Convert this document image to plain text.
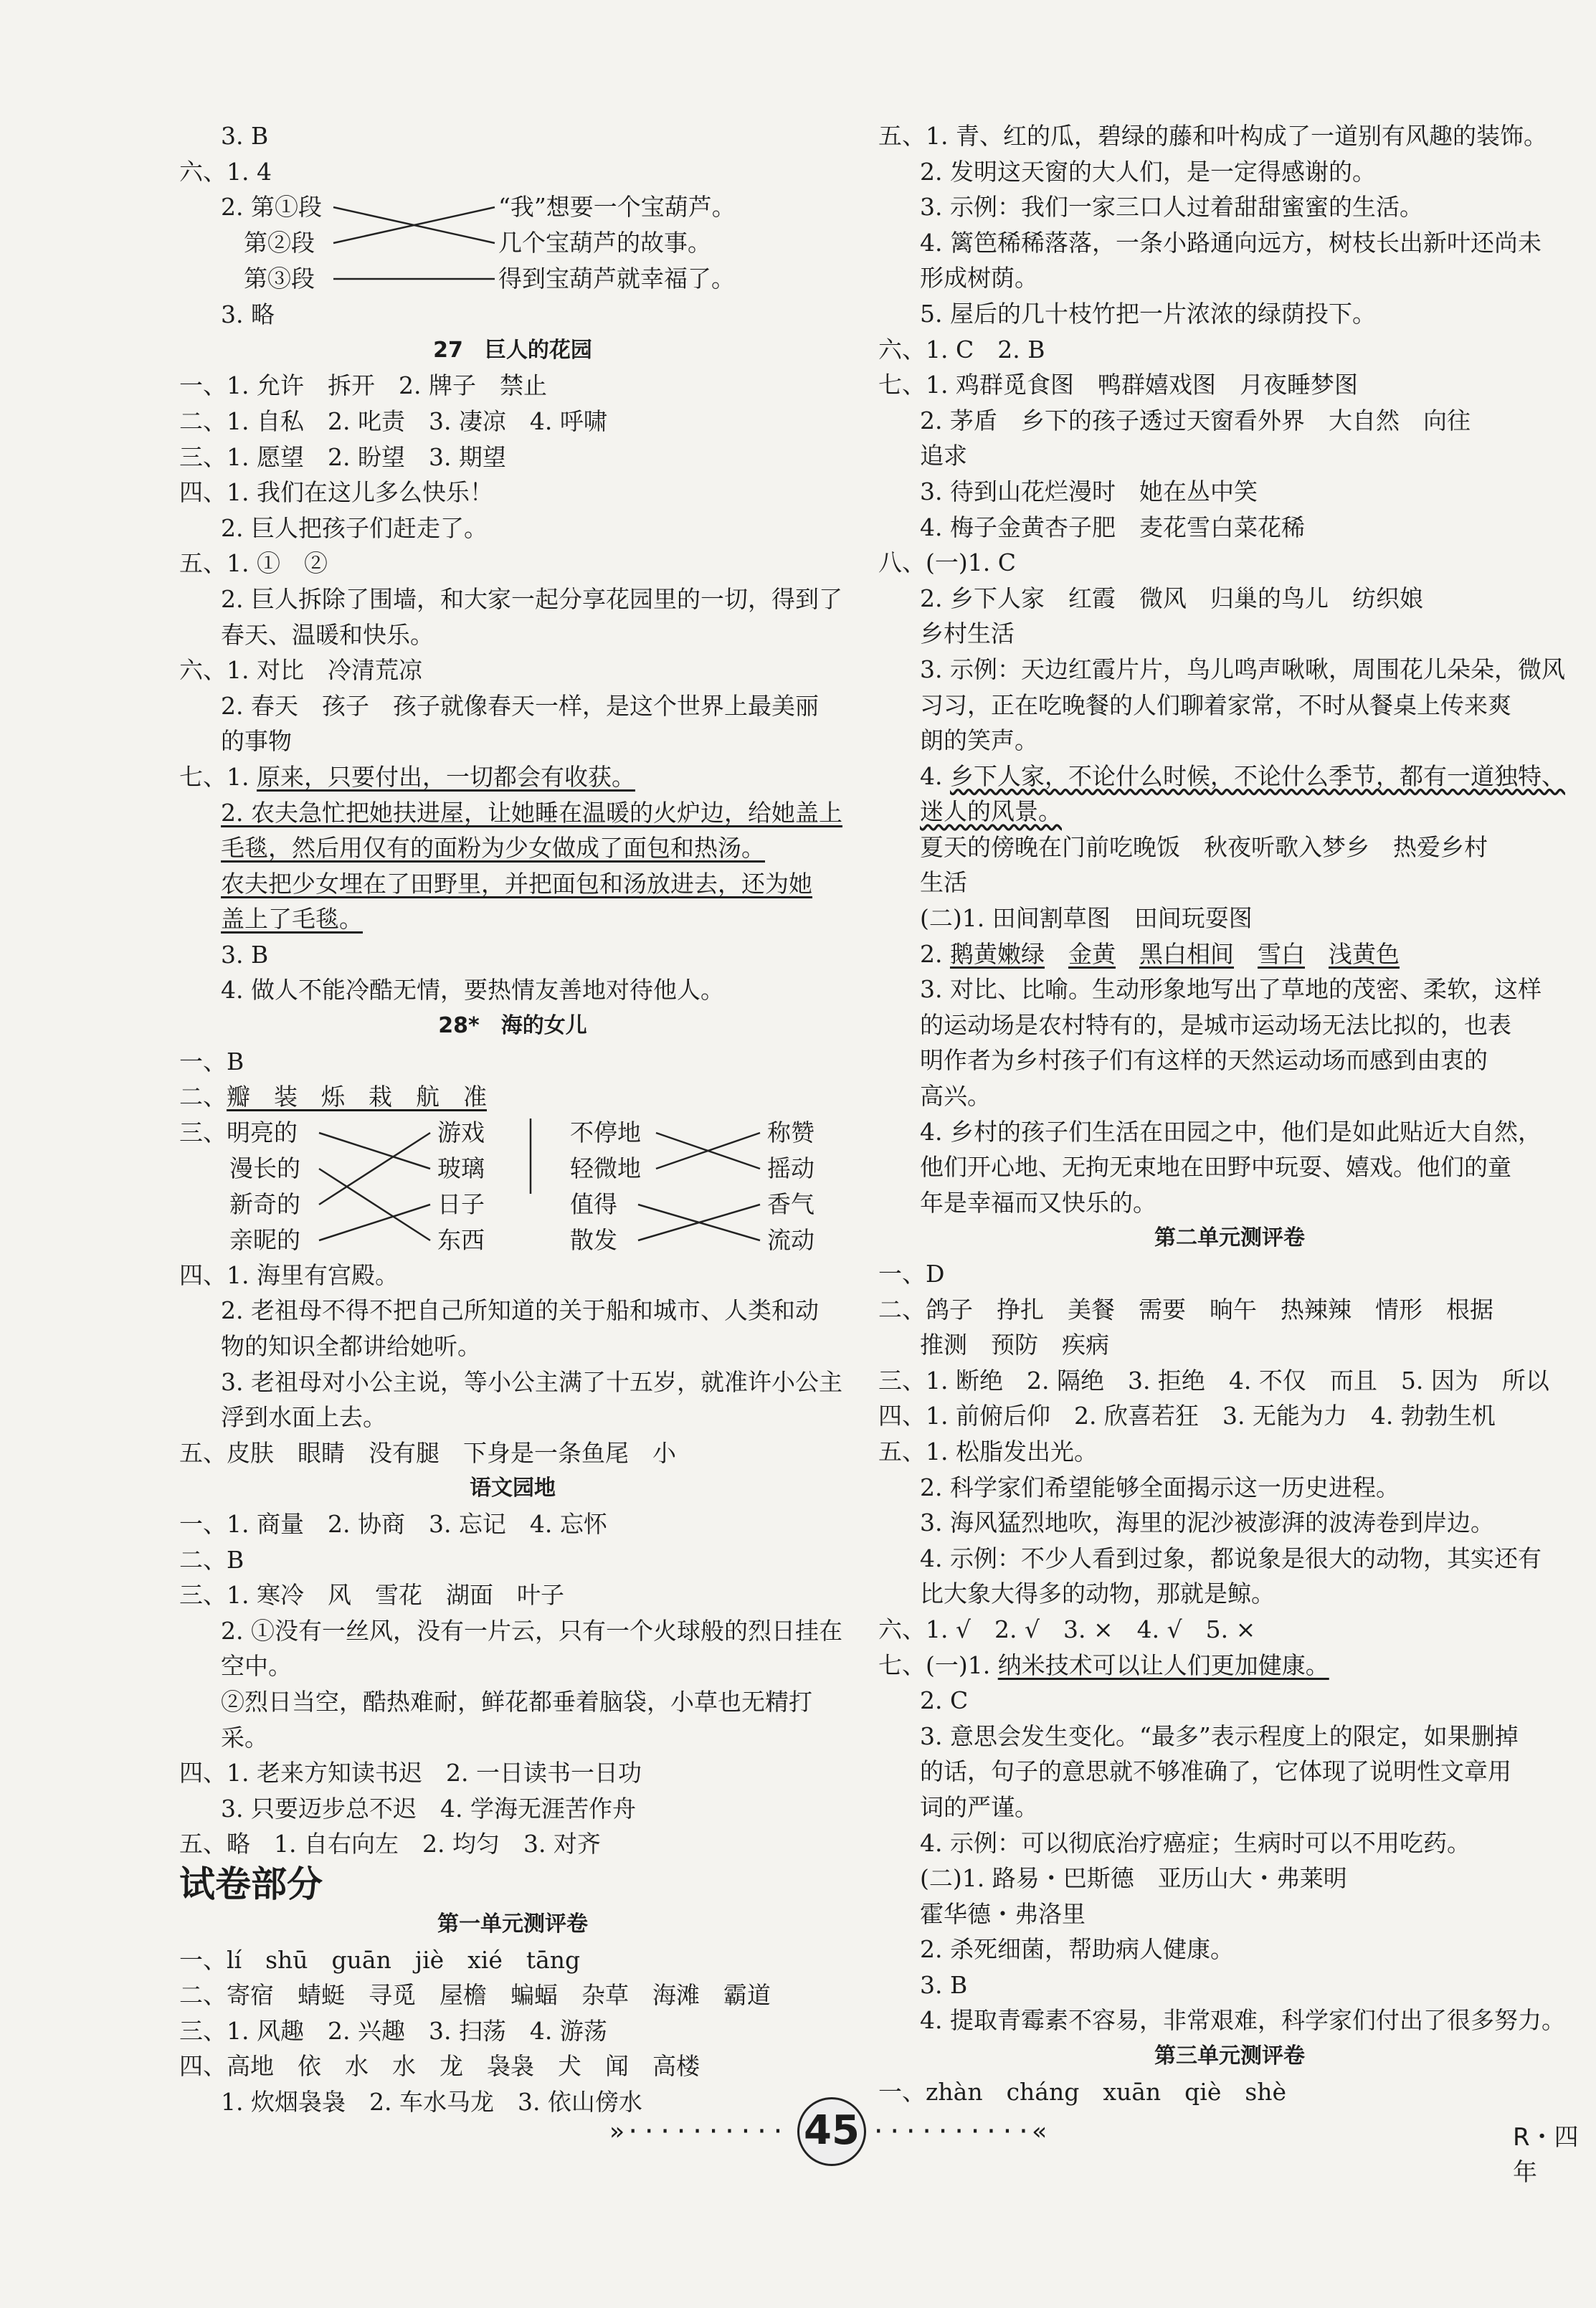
3. B
六、1. 4
2. 第①段
第②段
第③段
“我”想要一个宝葫芦。
几个宝葫芦的故事。
得到宝葫芦就幸福了。
3. 略
27　巨人的花园
一、1. 允许　拆开　2. 牌子　禁止
二、1. 自私　2. 叱责　3. 凄凉　4. 呼啸
三、1. 愿望　2. 盼望　3. 期望
四、1. 我们在这儿多么快乐！
2. 巨人把孩子们赶走了。
五、1. ①　②
2. 巨人拆除了围墙，和大家一起分享花园里的一切，得到了
春天、温暖和快乐。
六、1. 对比　冷清荒凉
2. 春天　孩子　孩子就像春天一样，是这个世界上最美丽
的事物
七、1. 原来，只要付出，一切都会有收获。
2. 农夫急忙把她扶进屋，让她睡在温暖的火炉边，给她盖上
毛毯，然后用仅有的面粉为少女做成了面包和热汤。
农夫把少女埋在了田野里，并把面包和汤放进去，还为她
盖上了毛毯。
3. B
4. 做人不能冷酷无情，要热情友善地对待他人。
28*　海的女儿
一、B
二、瓣　装　烁　栽　航　准
三、明亮的
漫长的
新奇的
亲昵的
游戏
玻璃
日子
东西
不停地
轻微地
值得
散发
称赞
摇动
香气
流动
四、1. 海里有宫殿。
2. 老祖母不得不把自己所知道的关于船和城市、人类和动
物的知识全都讲给她听。
3. 老祖母对小公主说，等小公主满了十五岁，就准许小公主
浮到水面上去。
五、皮肤　眼睛　没有腿　下身是一条鱼尾　小
语文园地
一、1. 商量　2. 协商　3. 忘记　4. 忘怀
二、B
三、1. 寒冷　风　雪花　湖面　叶子
2. ①没有一丝风，没有一片云，只有一个火球般的烈日挂在
空中。
②烈日当空，酷热难耐，鲜花都垂着脑袋，小草也无精打
采。
四、1. 老来方知读书迟　2. 一日读书一日功
3. 只要迈步总不迟　4. 学海无涯苦作舟
五、略　1. 自右向左　2. 均匀　3. 对齐
试卷部分
第一单元测评卷
一、lí　shū　guān　jiè　xié　tāng
二、寄宿　蜻蜓　寻觅　屋檐　蝙蝠　杂草　海滩　霸道
三、1. 风趣　2. 兴趣　3. 扫荡　4. 游荡
四、高地　依　水　水　龙　袅袅　犬　闻　高楼
1. 炊烟袅袅　2. 车水马龙　3. 依山傍水
五、1. 青、红的瓜，碧绿的藤和叶构成了一道别有风趣的装饰。
2. 发明这天窗的大人们，是一定得感谢的。
3. 示例：我们一家三口人过着甜甜蜜蜜的生活。
4. 篱笆稀稀落落，一条小路通向远方，树枝长出新叶还尚未
形成树荫。
5. 屋后的几十枝竹把一片浓浓的绿荫投下。
六、1. C　2. B
七、1. 鸡群觅食图　鸭群嬉戏图　月夜睡梦图
2. 茅盾　乡下的孩子透过天窗看外界　大自然　向往
追求
3. 待到山花烂漫时　她在丛中笑
4. 梅子金黄杏子肥　麦花雪白菜花稀
八、(一)1. C
2. 乡下人家　红霞　微风　归巢的鸟儿　纺织娘
乡村生活
3. 示例：天边红霞片片，鸟儿鸣声啾啾，周围花儿朵朵，微风
习习，正在吃晚餐的人们聊着家常，不时从餐桌上传来爽
朗的笑声。
4. 乡下人家，不论什么时候，不论什么季节，都有一道独特、
迷人的风景。
夏天的傍晚在门前吃晚饭　秋夜听歌入梦乡　热爱乡村
生活
(二)1. 田间割草图　田间玩耍图
2. 鹅黄嫩绿　 金黄　 黑白相间　 雪白　 浅黄色
3. 对比、比喻。生动形象地写出了草地的茂密、柔软，这样
的运动场是农村特有的，是城市运动场无法比拟的，也表
明作者为乡村孩子们有这样的天然运动场而感到由衷的
高兴。
4. 乡村的孩子们生活在田园之中，他们是如此贴近大自然，
他们开心地、无拘无束地在田野中玩耍、嬉戏。他们的童
年是幸福而又快乐的。
第二单元测评卷
一、D
二、鸽子　挣扎　美餐　需要　晌午　热辣辣　情形　根据
推测　预防　疾病
三、1. 断绝　2. 隔绝　3. 拒绝　4. 不仅　而且　5. 因为　所以
四、1. 前俯后仰　2. 欣喜若狂　3. 无能为力　4. 勃勃生机
五、1. 松脂发出光。
2. 科学家们希望能够全面揭示这一历史进程。
3. 海风猛烈地吹，海里的泥沙被澎湃的波涛卷到岸边。
4. 示例：不少人看到过象，都说象是很大的动物，其实还有
比大象大得多的动物，那就是鲸。
六、1. √　2. √　3. ×　4. √　5. ×
七、(一)1. 纳米技术可以让人们更加健康。
2. C
3. 意思会发生变化。“最多”表示程度上的限定，如果删掉
的话，句子的意思就不够准确了，它体现了说明性文章用
词的严谨。
4. 示例：可以彻底治疗癌症；生病时可以不用吃药。
(二)1. 路易・巴斯德　亚历山大・弗莱明
霍华德・弗洛里
2. 杀死细菌，帮助病人健康。
3. B
4. 提取青霉素不容易，非常艰难，科学家们付出了很多努力。
第三单元测评卷
一、zhàn　cháng　xuān　qiè　shè
»·········· 45 ··········«	R・四年
